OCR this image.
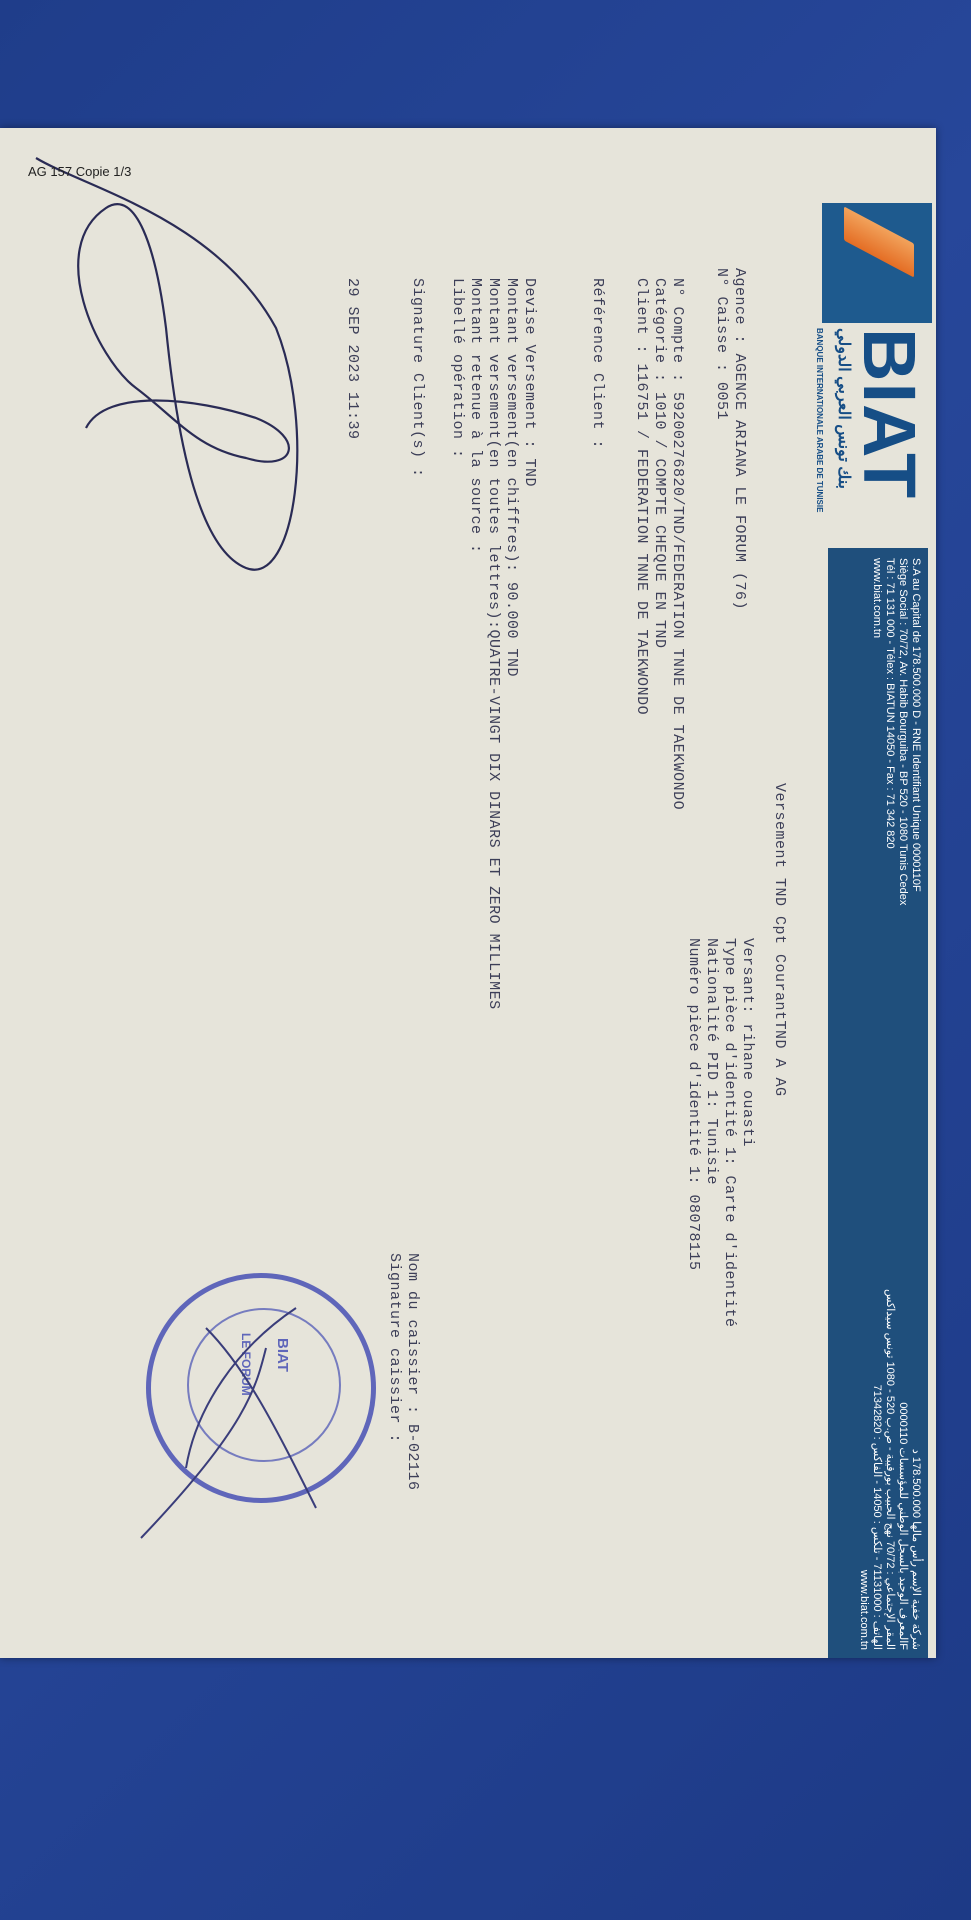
BIAT
بنك تونس العربي الدولي
BANQUE INTERNATIONALE ARABE DE TUNISIE
S.A au Capital de 178.500.000 D - RNE Identifiant Unique 0000110F
Siège Social : 70/72, Av. Habib Bourguiba - BP 520 - 1080 Tunis Cedex
Tél : 71 131 000 - Télex : BIATUN 14050 - Fax : 71 342 820
www.biat.com.tn
شركة خفية الإسم رأس مالها 178.500.000 د
المعرف الوحيد بالسجل الوطني للمؤسسات 0000110F
المقر الإجتماعي : 70/72 نهج الحبيب بورقيبة - ص.ب 520 - 1080 تونس سيداكس
الهاتف : 71131000 - تلكس : 14050 - الفاكس : 71342820
www.biat.com.tn
Versement TND Cpt CourantTND A AG
Agence : AGENCE ARIANA LE FORUM (76)
N° Caisse : 0051
Versant: rihane ouasti
Type pièce d'identité 1: Carte d'identité
Nationalité PID 1: Tunisie
Numéro pièce d'identité 1: 08078115
N° Compte : 59200276820/TND/FEDERATION TNNE DE TAEKWONDO
Catégorie : 1010 / COMPTE CHEQUE EN TND
Client : 116751 / FEDERATION TNNE DE TAEKWONDO
Référence Client :
Devise Versement : TND
Montant versement(en chiffres): 90.000 TND
Montant versement(en toutes lettres):QUATRE-VINGT DIX DINARS ET ZERO MILLIMES
Montant retenue à la source :
Libellé opération :
Signature Client(s) :
Nom du caissier : B-02116
Signature caissier :
29 SEP 2023 11:39
BIAT
LE FORUM
AG 157 Copie 1/3
